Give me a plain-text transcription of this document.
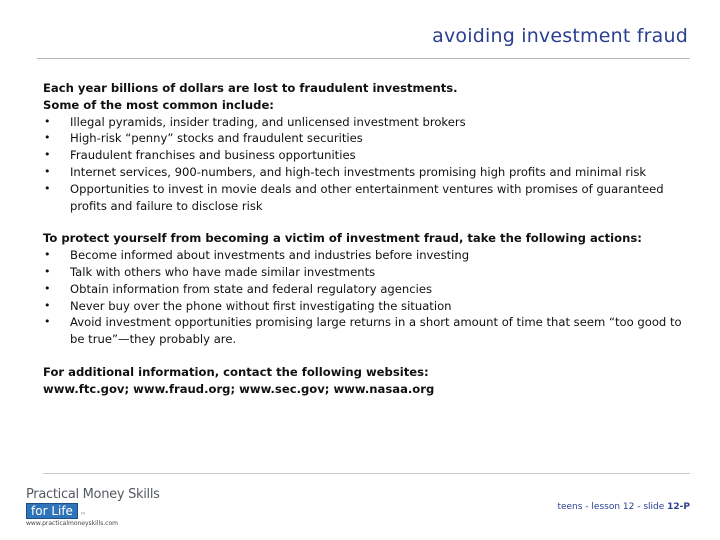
avoiding investment fraud

Each year billions of dollars are lost to fraudulent investments.

Some of the most common include:

• Illegal pyramids, insider trading, and unlicensed investment brokers
• High-risk “penny” stocks and fraudulent securities
• Fraudulent franchises and business opportunities
• Internet services, 900-numbers, and high-tech investments promising high profits and minimal risk
• Opportunities to invest in movie deals and other entertainment ventures with promises of guaranteed profits and failure to disclose risk

To protect yourself from becoming a victim of investment fraud, take the following actions:

• Become informed about investments and industries before investing
• Talk with others who have made similar investments
• Obtain information from state and federal regulatory agencies
• Never buy over the phone without first investigating the situation
• Avoid investment opportunities promising large returns in a short amount of time that seem “too good to be true”—they probably are.

For additional information, contact the following websites:

www.ftc.gov; www.fraud.org; www.sec.gov; www.nasaa.org

Practical Money Skills
for Life	™
www.practicalmoneyskills.com
teens - lesson 12 - slide 12-P
